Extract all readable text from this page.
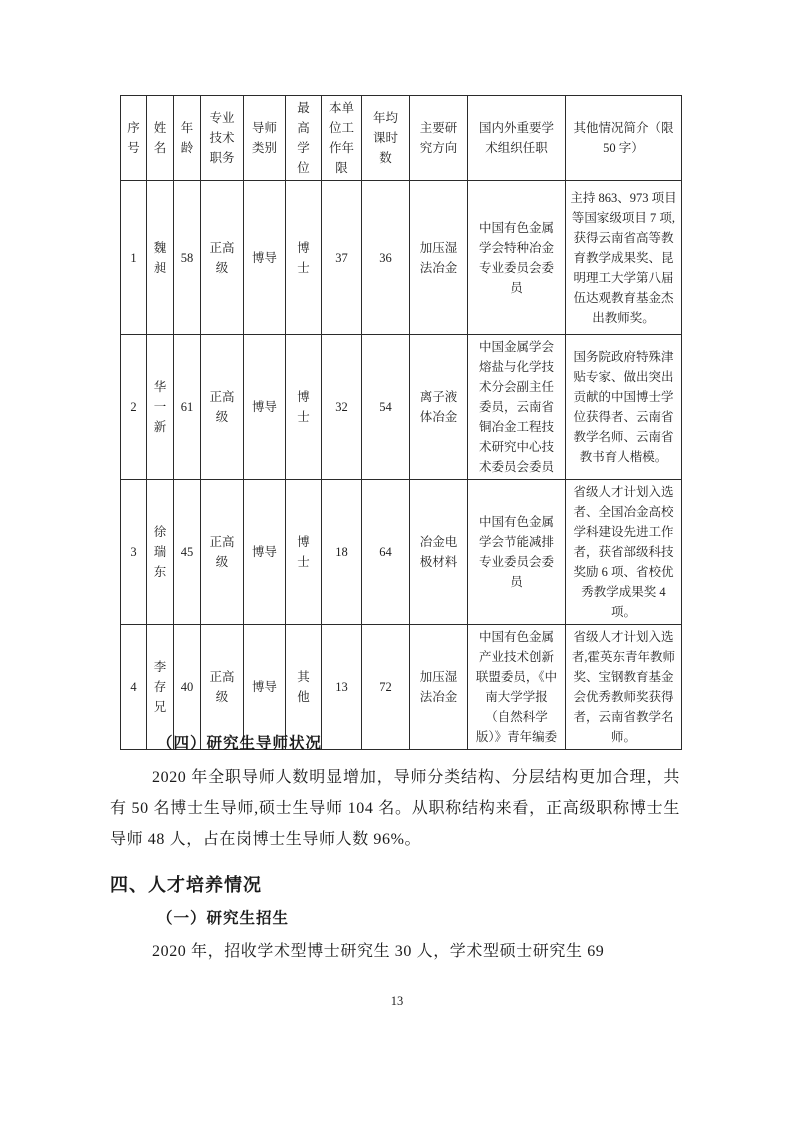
序号	姓名	年龄	专业技术职务	导师类别	最高学位	本单位工作年限	年均课时数	主要研究方向	国内外重要学术组织任职	其他情况简介（限 50 字）
1	魏昶	58	正高级	博导	博士	37	36	加压湿法冶金	中国有色金属学会特种冶金专业委员会委员	主持 863、973 项目等国家级项目 7 项,获得云南省高等教育教学成果奖、昆明理工大学第八届伍达观教育基金杰出教师奖。
2	华一新	61	正高级	博导	博士	32	54	离子液体冶金	中国金属学会熔盐与化学技术分会副主任委员，云南省铜冶金工程技术研究中心技术委员会委员	国务院政府特殊津贴专家、做出突出贡献的中国博士学位获得者、云南省教学名师、云南省教书育人楷模。
3	徐瑞东	45	正高级	博导	博士	18	64	冶金电极材料	中国有色金属学会节能减排专业委员会委员	省级人才计划入选者、全国冶金高校学科建设先进工作者，获省部级科技奖励 6 项、省校优秀教学成果奖 4 项。
4	李存兄	40	正高级	博导	其他	13	72	加压湿法冶金	中国有色金属产业技术创新联盟委员，《中南大学学报（自然科学版）》青年编委	省级人才计划入选者,霍英东青年教师奖、宝钢教育基金会优秀教师奖获得者，云南省教学名师。
（四）研究生导师状况

2020 年全职导师人数明显增加，导师分类结构、分层结构更加合理，共有 50 名博士生导师,硕士生导师 104 名。从职称结构来看，正高级职称博士生导师 48 人，占在岗博士生导师人数 96%。

四、人才培养情况
（一）研究生招生

2020 年，招收学术型博士研究生 30 人，学术型硕士研究生 69

13
